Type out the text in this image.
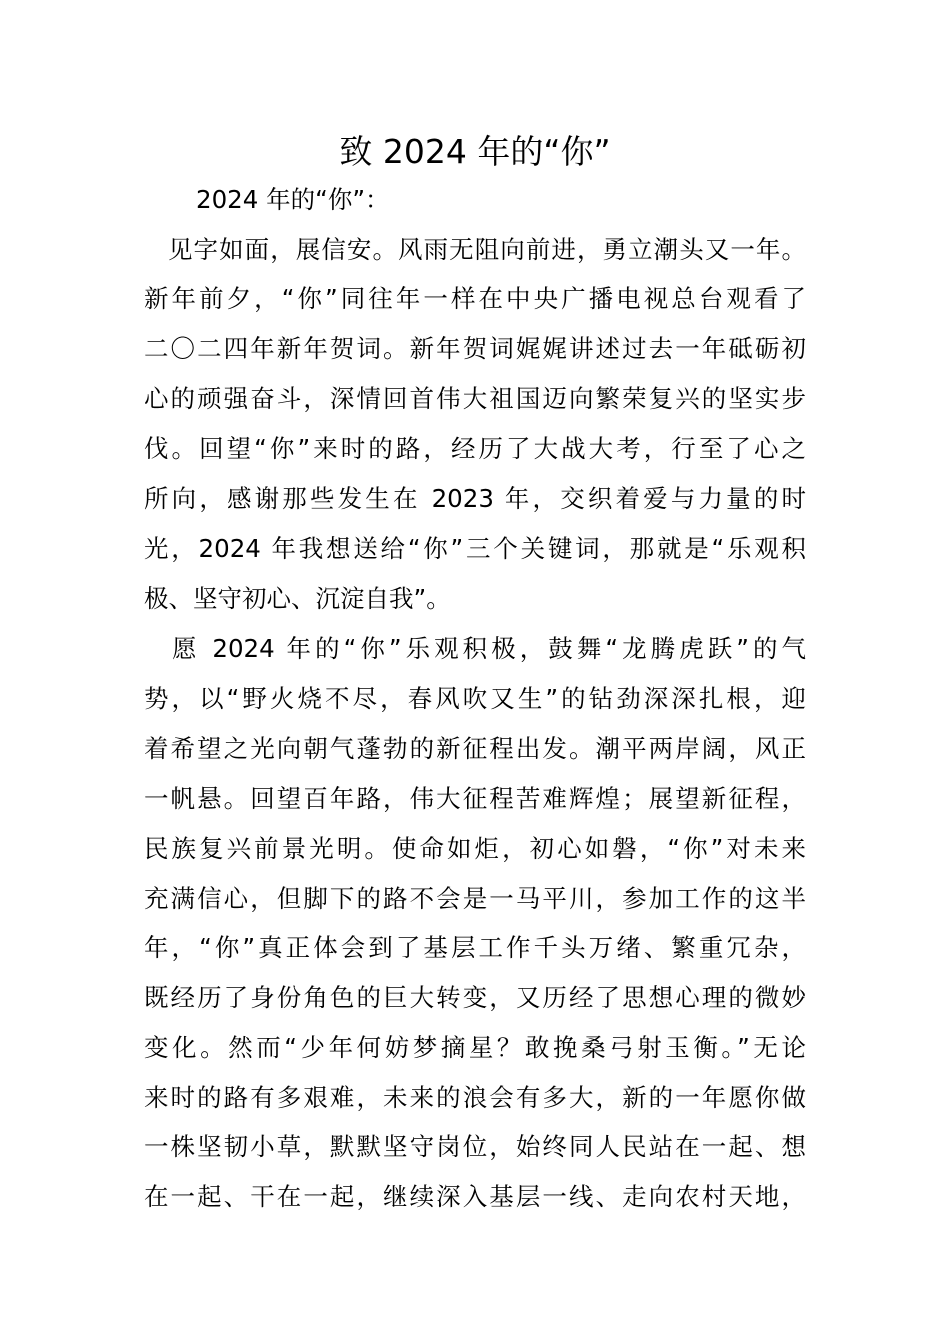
致 2024 年的“你”
2024 年的“你”：
见字如面，展信安。风雨无阻向前进，勇立潮头又一年。
新年前夕，“你”同往年一样在中央广播电视总台观看了
二〇二四年新年贺词。新年贺词娓娓讲述过去一年砥砺初
心的顽强奋斗，深情回首伟大祖国迈向繁荣复兴的坚实步
伐。回望“你”来时的路，经历了大战大考，行至了心之
所向，感谢那些发生在 2023 年，交织着爱与力量的时
光，2024 年我想送给“你”三个关键词，那就是“乐观积
极、坚守初心、沉淀自我”。
愿 2024 年的“你”乐观积极，鼓舞“龙腾虎跃”的气
势，以“野火烧不尽，春风吹又生”的钻劲深深扎根，迎
着希望之光向朝气蓬勃的新征程出发。潮平两岸阔，风正
一帆悬。回望百年路，伟大征程苦难辉煌；展望新征程，
民族复兴前景光明。使命如炬，初心如磐，“你”对未来
充满信心，但脚下的路不会是一马平川，参加工作的这半
年，“你”真正体会到了基层工作千头万绪、繁重冗杂，
既经历了身份角色的巨大转变，又历经了思想心理的微妙
变化。然而“少年何妨梦摘星？敢挽桑弓射玉衡。”无论
来时的路有多艰难，未来的浪会有多大，新的一年愿你做
一株坚韧小草，默默坚守岗位，始终同人民站在一起、想
在一起、干在一起，继续深入基层一线、走向农村天地，
